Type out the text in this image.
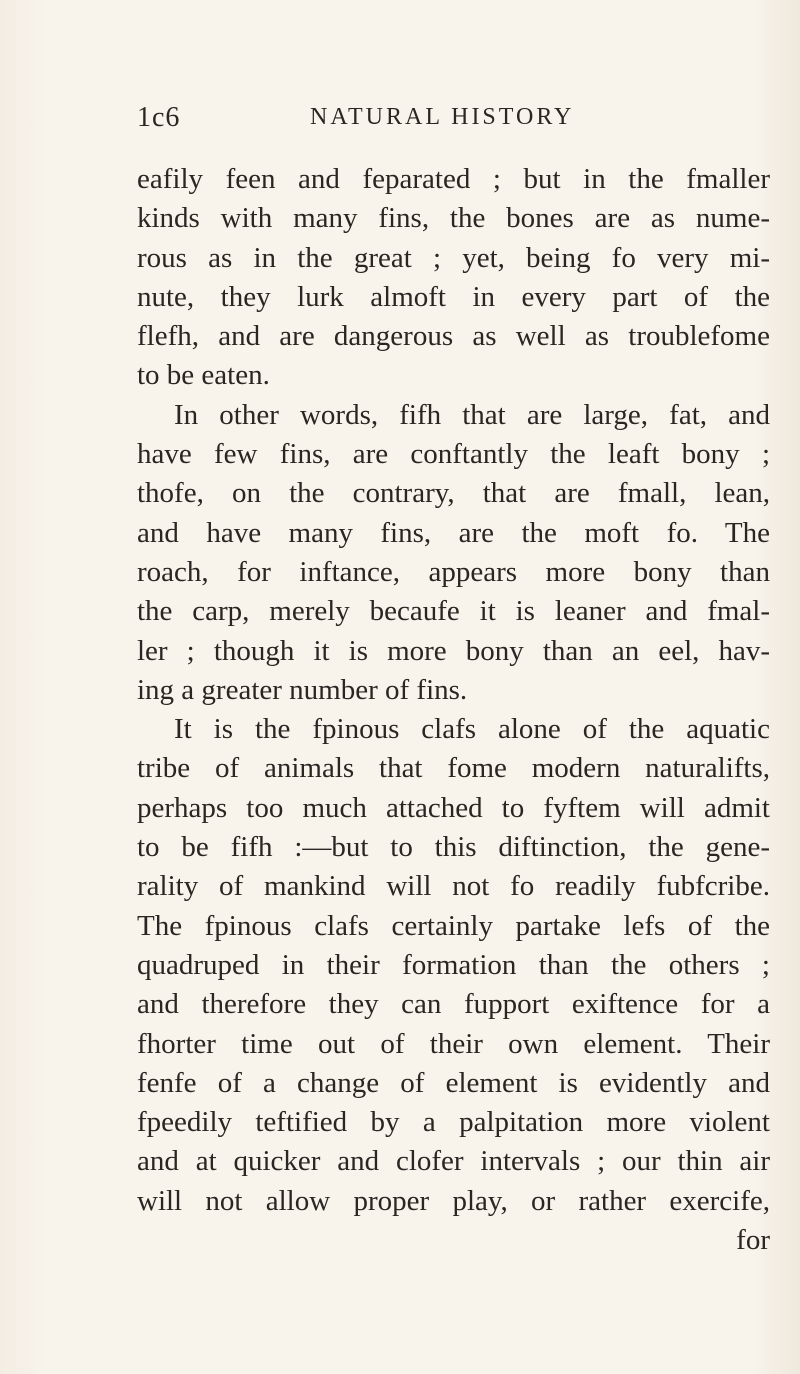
1c6	NATURAL HISTORY
eafily feen and feparated ; but in the fmaller
kinds with many fins, the bones are as nume-
rous as in the great ; yet, being fo very mi-
nute, they lurk almoft in every part of the
flefh, and are dangerous as well as troublefome
to be eaten.
In other words, fifh that are large, fat, and
have few fins, are conftantly the leaft bony ;
thofe, on the contrary, that are fmall, lean,
and have many fins, are the moft fo. The
roach, for inftance, appears more bony than
the carp, merely becaufe it is leaner and fmal-
ler ; though it is more bony than an eel, hav-
ing a greater number of fins.
It is the fpinous clafs alone of the aquatic
tribe of animals that fome modern naturalifts,
perhaps too much attached to fyftem will admit
to be fifh :—but to this diftinction, the gene-
rality of mankind will not fo readily fubfcribe.
The fpinous clafs certainly partake lefs of the
quadruped in their formation than the others ;
and therefore they can fupport exiftence for a
fhorter time out of their own element. Their
fenfe of a change of element is evidently and
fpeedily teftified by a palpitation more violent
and at quicker and clofer intervals ; our thin air
will not allow proper play, or rather exercife,
for
